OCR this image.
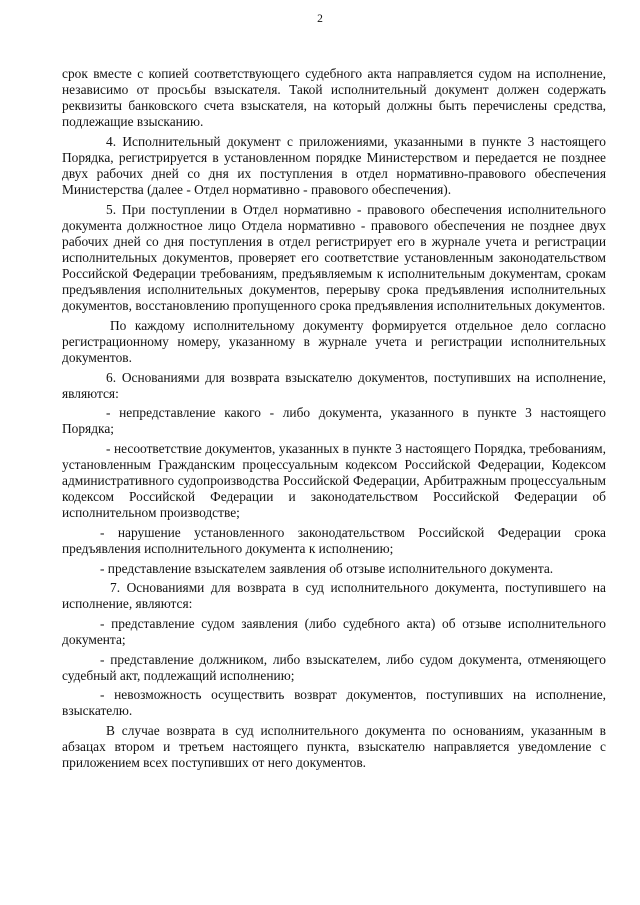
2

срок вместе с копией соответствующего судебного акта направляется судом на исполнение, независимо от просьбы взыскателя. Такой исполнительный документ должен содержать реквизиты банковского счета взыскателя, на который должны быть перечислены средства, подлежащие взысканию.

4. Исполнительный документ с приложениями, указанными в пункте 3 настоящего Порядка, регистрируется в установленном порядке Министерством и передается не позднее двух рабочих дней со дня их поступления в отдел нормативно-правового обеспечения Министерства (далее - Отдел нормативно - правового обеспечения).

5. При поступлении в Отдел нормативно - правового обеспечения исполнительного документа должностное лицо Отдела нормативно - правового обеспечения не позднее двух рабочих дней со дня поступления в отдел регистрирует его в журнале учета и регистрации исполнительных документов, проверяет его соответствие установленным законодательством Российской Федерации требованиям, предъявляемым к исполнительным документам, срокам предъявления исполнительных документов, перерыву срока предъявления исполнительных документов, восстановлению пропущенного срока предъявления исполнительных документов.

По каждому исполнительному документу формируется отдельное дело согласно регистрационному номеру, указанному в журнале учета и регистрации исполнительных документов.

6. Основаниями для возврата взыскателю документов, поступивших на исполнение, являются:

- непредставление какого - либо документа, указанного в пункте 3 настоящего Порядка;

- несоответствие документов, указанных в пункте 3 настоящего Порядка, требованиям, установленным Гражданским процессуальным кодексом Российской Федерации, Кодексом административного судопроизводства Российской Федерации, Арбитражным процессуальным кодексом Российской Федерации и законодательством Российской Федерации об исполнительном производстве;

- нарушение установленного законодательством Российской Федерации срока предъявления исполнительного документа к исполнению;

- представление взыскателем заявления об отзыве исполнительного документа.

7. Основаниями для возврата в суд исполнительного документа, поступившего на исполнение, являются:

- представление судом заявления (либо судебного акта) об отзыве исполнительного документа;

- представление должником, либо взыскателем, либо судом документа, отменяющего судебный акт, подлежащий исполнению;

- невозможность осуществить возврат документов, поступивших на исполнение, взыскателю.

В случае возврата в суд исполнительного документа по основаниям, указанным в абзацах втором и третьем настоящего пункта, взыскателю направляется уведомление с приложением всех поступивших от него документов.
